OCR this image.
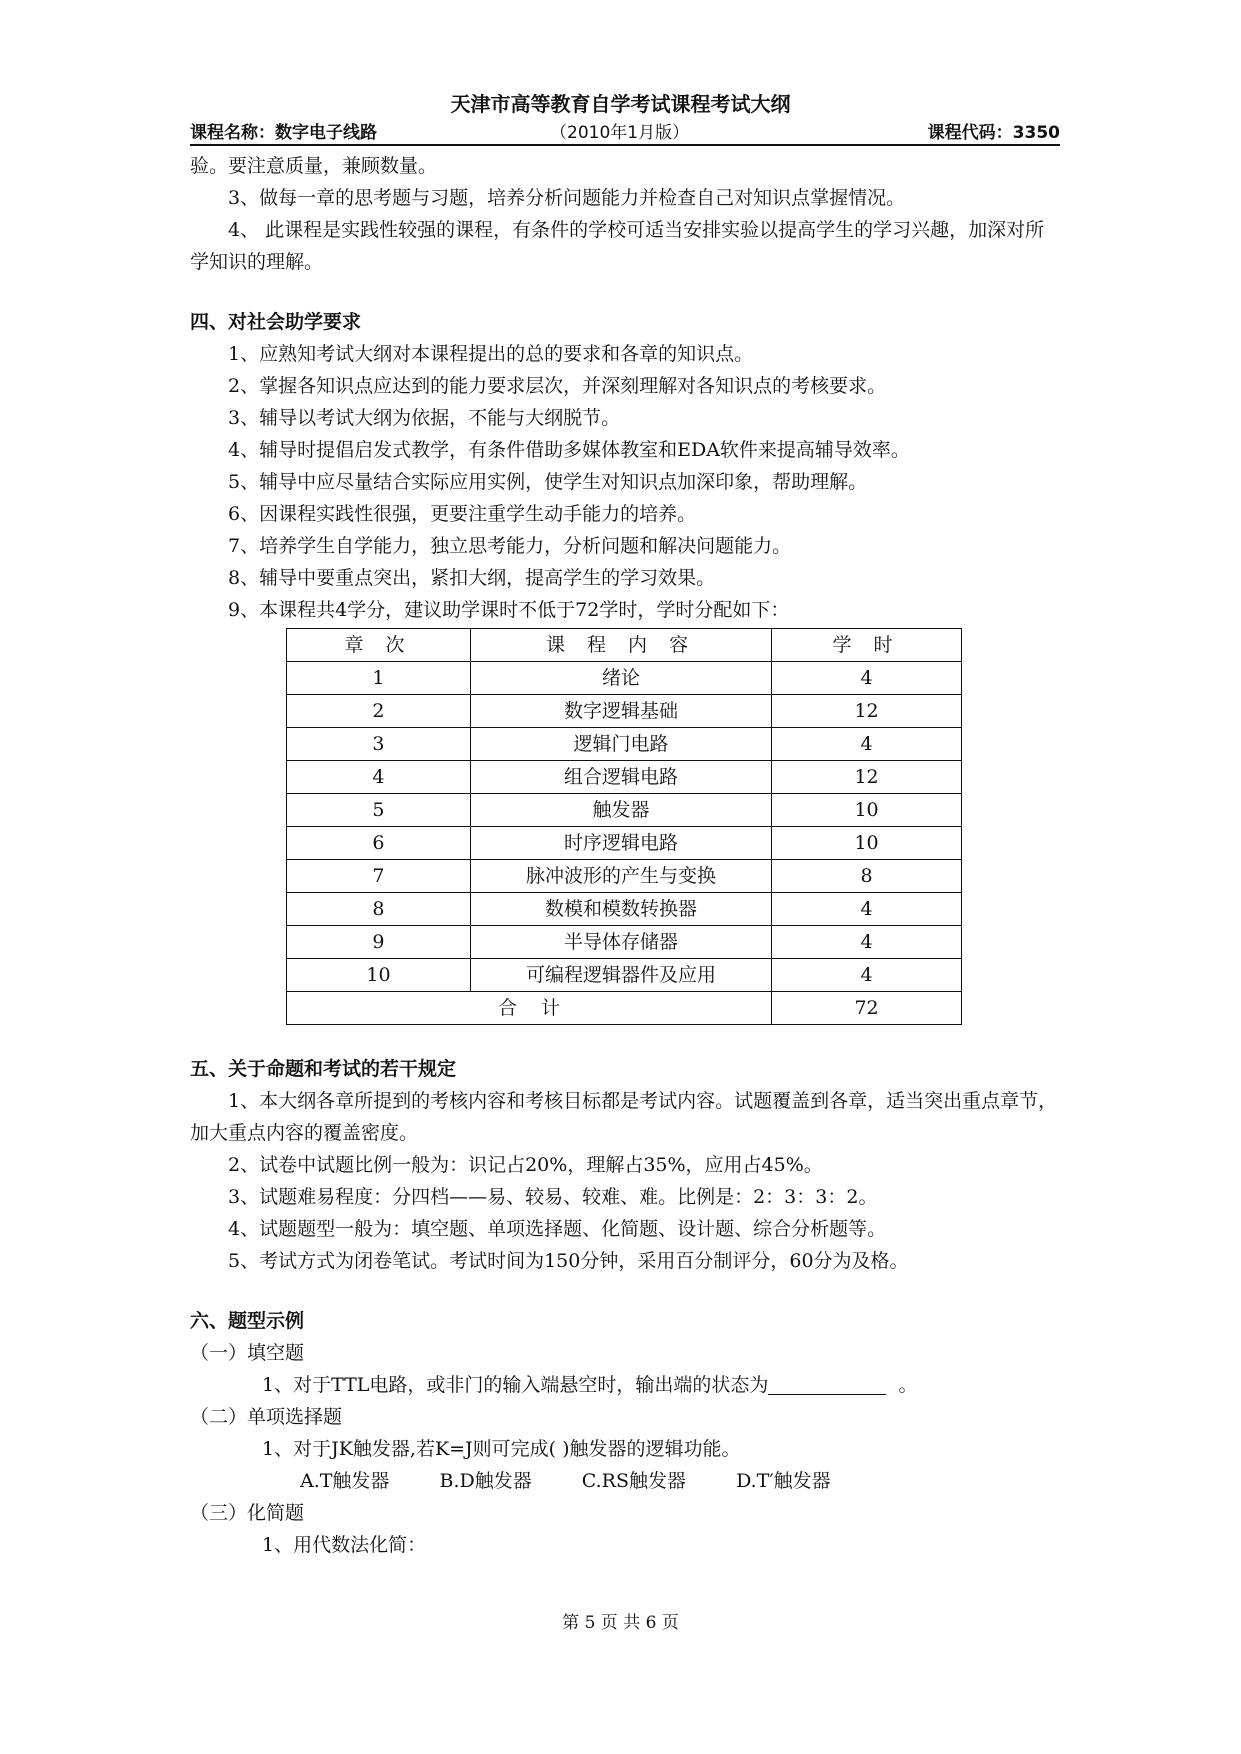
天津市高等教育自学考试课程考试大纲
课程名称：数字电子线路	（2010年1月版）	课程代码：3350

验。要注意质量，兼顾数量。

3、做每一章的思考题与习题，培养分析问题能力并检查自己对知识点掌握情况。

4、 此课程是实践性较强的课程，有条件的学校可适当安排实验以提高学生的学习兴趣，加深对所学知识的理解。

四、对社会助学要求

1、应熟知考试大纲对本课程提出的总的要求和各章的知识点。

2、掌握各知识点应达到的能力要求层次，并深刻理解对各知识点的考核要求。

3、辅导以考试大纲为依据，不能与大纲脱节。

4、辅导时提倡启发式教学，有条件借助多媒体教室和EDA软件来提高辅导效率。

5、辅导中应尽量结合实际应用实例，使学生对知识点加深印象，帮助理解。

6、因课程实践性很强，更要注重学生动手能力的培养。

7、培养学生自学能力，独立思考能力，分析问题和解决问题能力。

8、辅导中要重点突出，紧扣大纲，提高学生的学习效果。

9、本课程共4学分，建议助学课时不低于72学时，学时分配如下：

章 次	课 程 内 容	学 时
1	绪论	4
2	数字逻辑基础	12
3	逻辑门电路	4
4	组合逻辑电路	12
5	触发器	10
6	时序逻辑电路	10
7	脉冲波形的产生与变换	8
8	数模和模数转换器	4
9	半导体存储器	4
10	可编程逻辑器件及应用	4
合    计		72

五、关于命题和考试的若干规定

1、本大纲各章所提到的考核内容和考核目标都是考试内容。试题覆盖到各章，适当突出重点章节，加大重点内容的覆盖密度。

2、试卷中试题比例一般为：识记占20%，理解占35%，应用占45%。

3、试题难易程度：分四档——易、较易、较难、难。比例是：2：3：3：2。

4、试题题型一般为：填空题、单项选择题、化简题、设计题、综合分析题等。

5、考试方式为闭卷笔试。考试时间为150分钟，采用百分制评分，60分为及格。

六、题型示例

（一）填空题

1、对于TTL电路，或非门的输入端悬空时，输出端的状态为	。

（二）单项选择题

1、对于JK触发器,若K=J则可完成( )触发器的逻辑功能。

A.T触发器	B.D触发器	C.RS触发器	D.T′触发器

（三）化简题

1、用代数法化简：

第 5 页 共 6 页
